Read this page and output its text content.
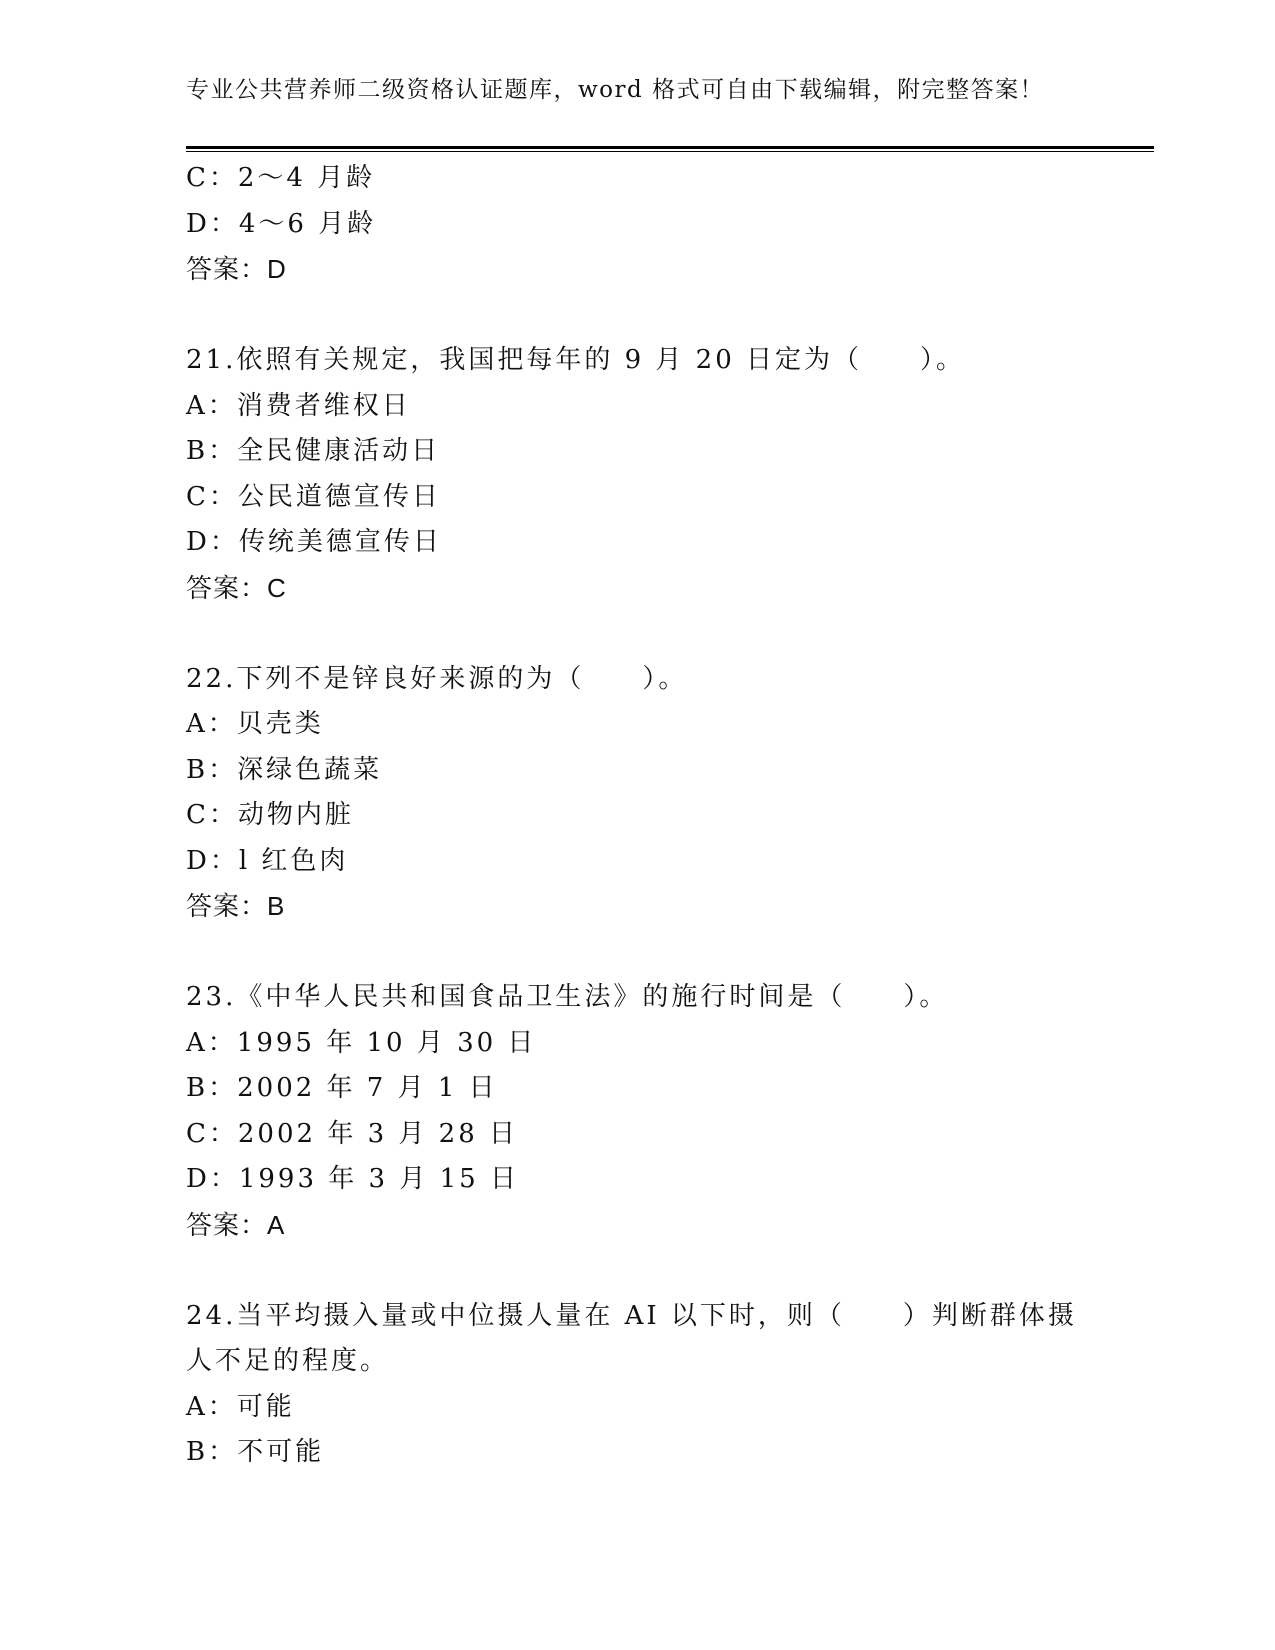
专业公共营养师二级资格认证题库，word 格式可自由下载编辑，附完整答案！
C：2～4 月龄
D：4～6 月龄
答案：D
21.依照有关规定，我国把每年的 9 月 20 日定为（　　）。
A：消费者维权日
B：全民健康活动日
C：公民道德宣传日
D：传统美德宣传日
答案：C
22.下列不是锌良好来源的为（　　）。
A：贝壳类
B：深绿色蔬菜
C：动物内脏
D：l 红色肉
答案：B
23.《中华人民共和国食品卫生法》的施行时间是（　　）。
A：1995 年 10 月 30 日
B：2002 年 7 月 1 日
C：2002 年 3 月 28 日
D：1993 年 3 月 15 日
答案：A
24.当平均摄入量或中位摄人量在 AI 以下时，则（　　）判断群体摄
人不足的程度。
A：可能
B：不可能
